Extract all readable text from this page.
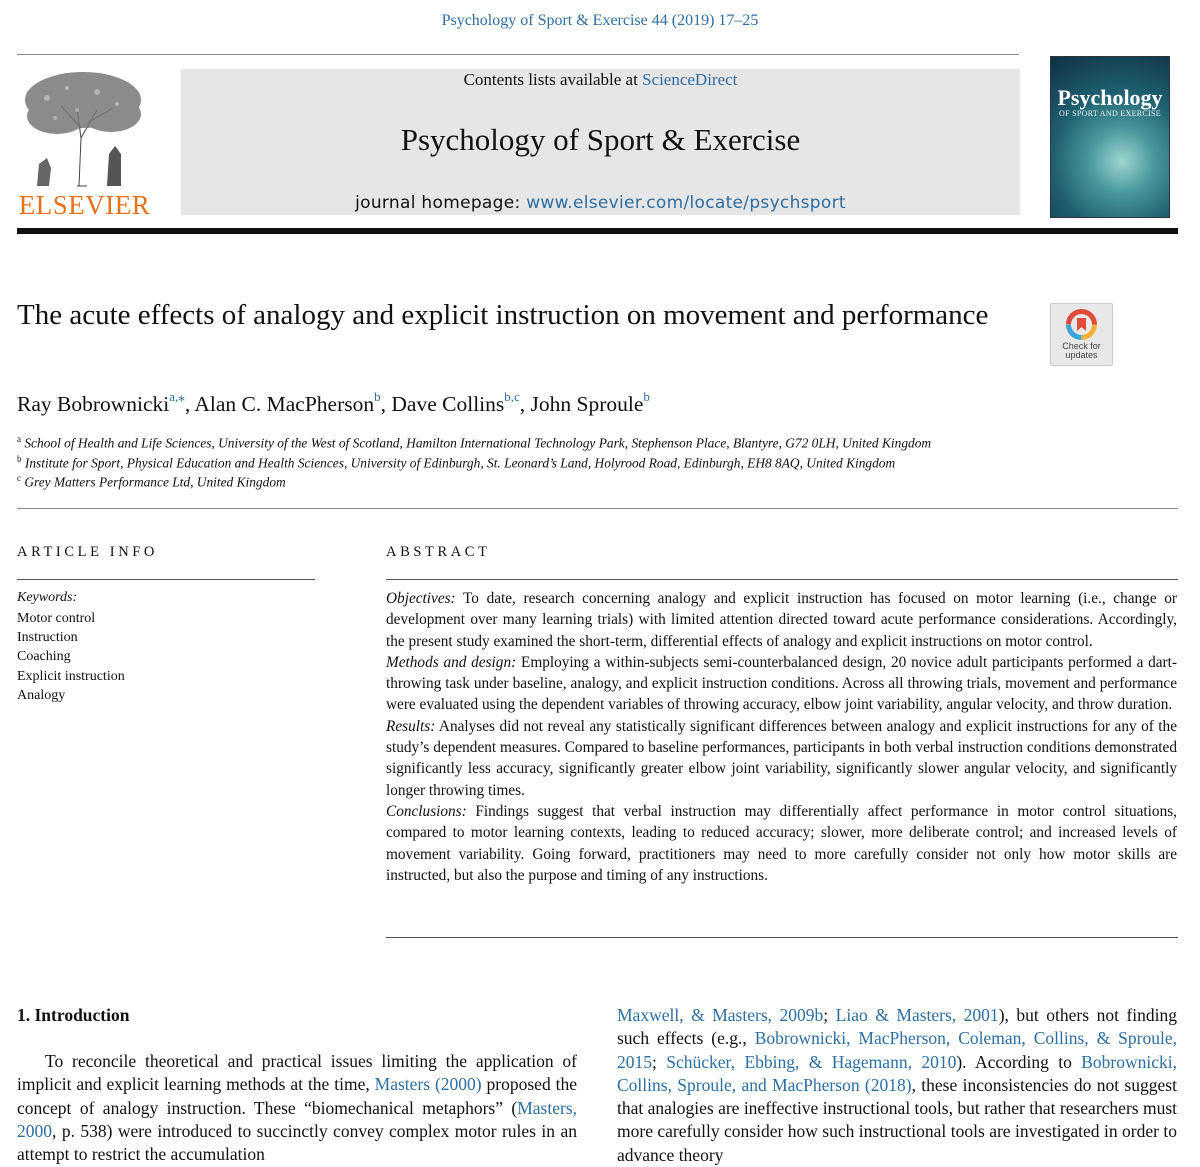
Psychology of Sport & Exercise 44 (2019) 17–25
ELSEVIER
Contents lists available at ScienceDirect
Psychology of Sport & Exercise
journal homepage: www.elsevier.com/locate/psychsport
Psychology
OF SPORT AND EXERCISE
The acute effects of analogy and explicit instruction on movement and performance
Check for updates
Ray Bobrownicki$^{a,⁎}$, Alan C. MacPherson$^b$, Dave Collins$^{b,c}$, John Sproule$^b$
$^a$ School of Health and Life Sciences, University of the West of Scotland, Hamilton International Technology Park, Stephenson Place, Blantyre, G72 0LH, United Kingdom
$^b$ Institute for Sport, Physical Education and Health Sciences, University of Edinburgh, St. Leonard’s Land, Holyrood Road, Edinburgh, EH8 8AQ, United Kingdom
$^c$ Grey Matters Performance Ltd, United Kingdom
ARTICLE INFO
Keywords:
Motor control
Instruction
Coaching
Explicit instruction
Analogy
ABSTRACT

Objectives: To date, research concerning analogy and explicit instruction has focused on motor learning (i.e., change or development over many learning trials) with limited attention directed toward acute performance considerations. Accordingly, the present study examined the short-term, differential effects of analogy and explicit instructions on motor control.

Methods and design: Employing a within-subjects semi-counterbalanced design, 20 novice adult participants performed a dart-throwing task under baseline, analogy, and explicit instruction conditions. Across all throwing trials, movement and performance were evaluated using the dependent variables of throwing accuracy, elbow joint variability, angular velocity, and throw duration.

Results: Analyses did not reveal any statistically significant differences between analogy and explicit instructions for any of the study’s dependent measures. Compared to baseline performances, participants in both verbal instruction conditions demonstrated significantly less accuracy, significantly greater elbow joint variability, significantly slower angular velocity, and significantly longer throwing times.

Conclusions: Findings suggest that verbal instruction may differentially affect performance in motor control situations, compared to motor learning contexts, leading to reduced accuracy; slower, more deliberate control; and increased levels of movement variability. Going forward, practitioners may need to more carefully consider not only how motor skills are instructed, but also the purpose and timing of any instructions.

1. Introduction
To reconcile theoretical and practical issues limiting the application of implicit and explicit learning methods at the time, Masters (2000) proposed the concept of analogy instruction. These “biomechanical metaphors” (Masters, 2000, p. 538) were introduced to succinctly convey complex motor rules in an attempt to restrict the accumulation
Maxwell, & Masters, 2009b; Liao & Masters, 2001), but others not finding such effects (e.g., Bobrownicki, MacPherson, Coleman, Collins, & Sproule, 2015; Schücker, Ebbing, & Hagemann, 2010). According to Bobrownicki, Collins, Sproule, and MacPherson (2018), these inconsistencies do not suggest that analogies are ineffective instructional tools, but rather that researchers must more carefully consider how such instructional tools are investigated in order to advance theory
